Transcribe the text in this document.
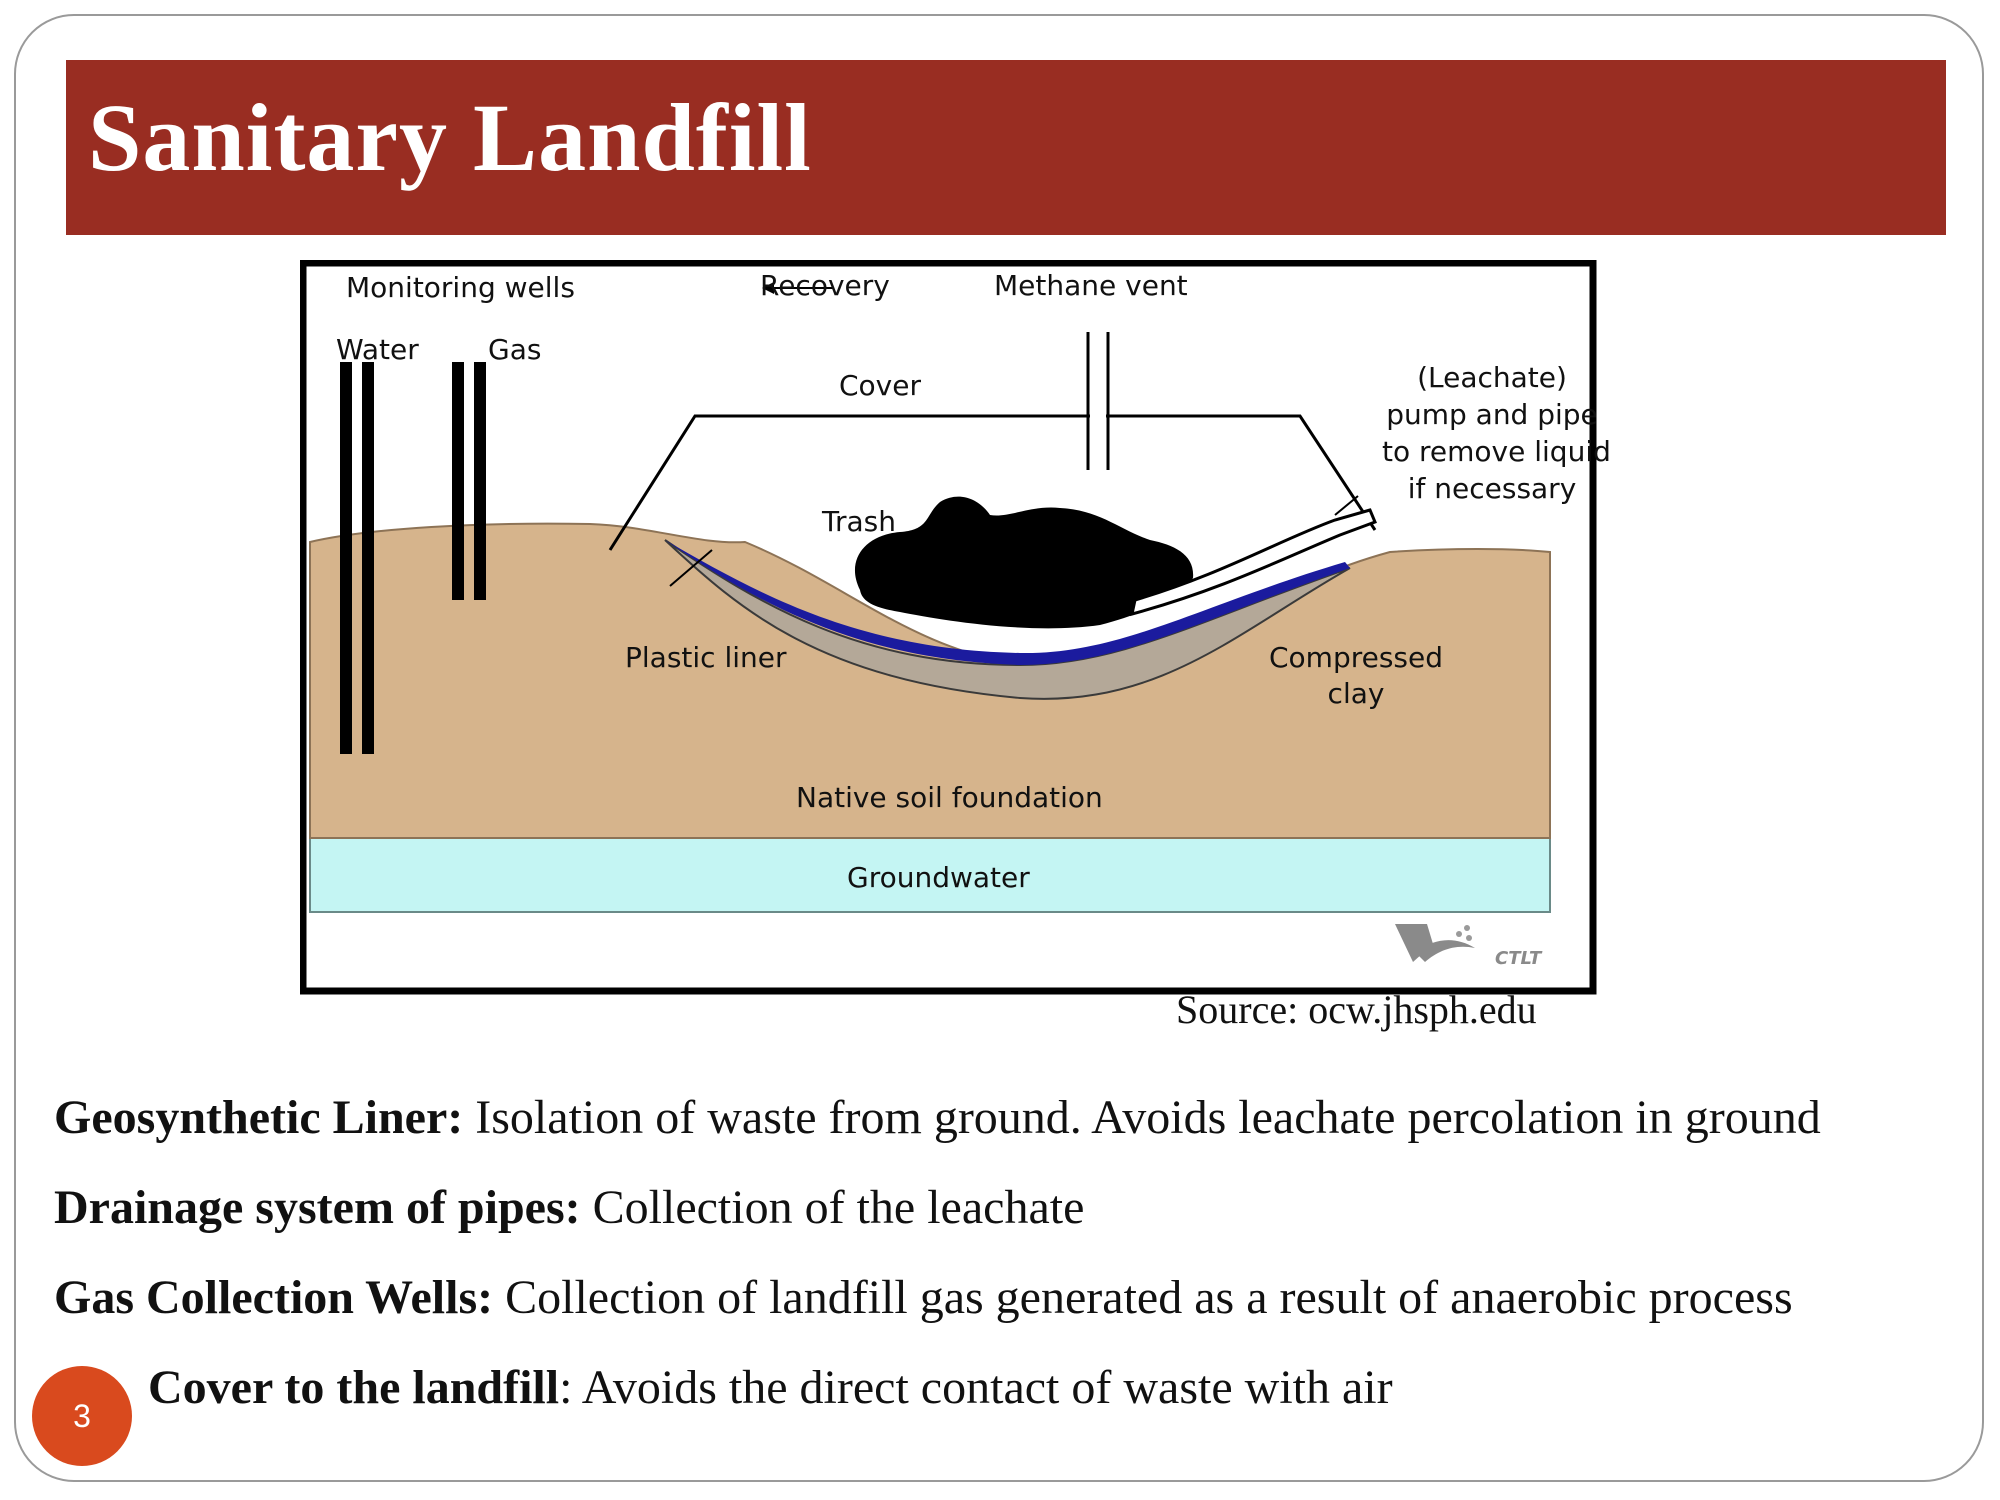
Sanitary Landfill
Monitoring wells
Water Gas
Recovery	Methane vent
Cover	(Leachate)
pump and pipe
to remove liquid
if necessary
Trash
Plastic liner	Compressed
clay
Native soil foundation
Groundwater
CTLT
Source: ocw.jhsph.edu
Geosynthetic Liner: Isolation of waste from ground. Avoids leachate percolation in ground
Drainage system of pipes: Collection of the leachate
Gas Collection Wells: Collection of landfill gas generated as a result of anaerobic process
Cover to the landfill: Avoids the direct contact of waste with air
3
